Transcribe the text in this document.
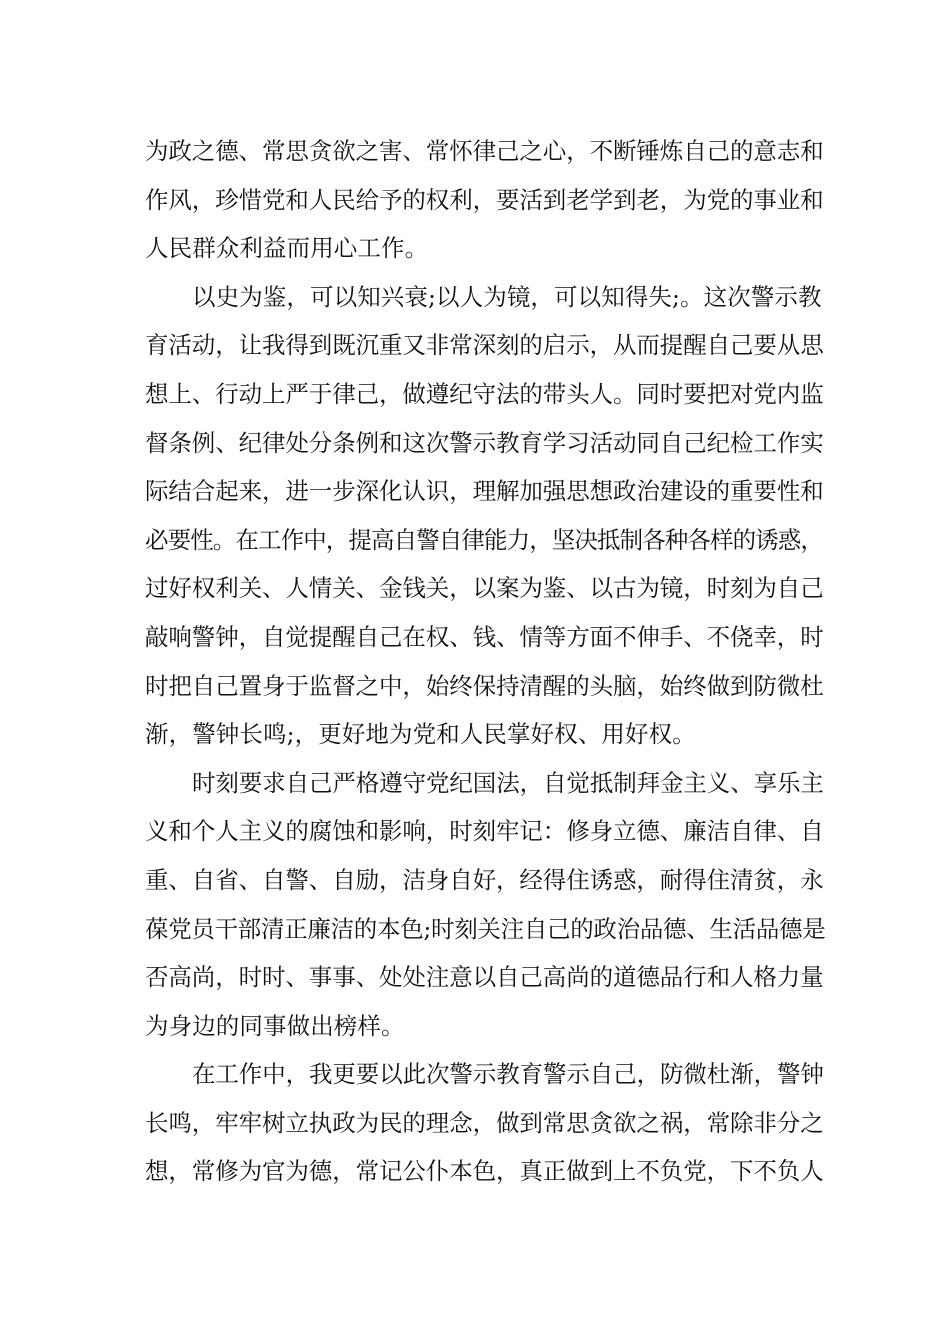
为政之德、常思贪欲之害、常怀律己之心，不断锤炼自己的意志和
作风，珍惜党和人民给予的权利，要活到老学到老，为党的事业和
人民群众利益而用心工作。
以史为鉴，可以知兴衰;以人为镜，可以知得失;。这次警示教
育活动，让我得到既沉重又非常深刻的启示，从而提醒自己要从思
想上、行动上严于律己，做遵纪守法的带头人。同时要把对党内监
督条例、纪律处分条例和这次警示教育学习活动同自己纪检工作实
际结合起来，进一步深化认识，理解加强思想政治建设的重要性和
必要性。在工作中，提高自警自律能力，坚决抵制各种各样的诱惑，
过好权利关、人情关、金钱关，以案为鉴、以古为镜，时刻为自己
敲响警钟，自觉提醒自己在权、钱、情等方面不伸手、不侥幸，时
时把自己置身于监督之中，始终保持清醒的头脑，始终做到防微杜
渐，警钟长鸣;，更好地为党和人民掌好权、用好权。
时刻要求自己严格遵守党纪国法，自觉抵制拜金主义、享乐主
义和个人主义的腐蚀和影响，时刻牢记：修身立德、廉洁自律、自
重、自省、自警、自励，洁身自好，经得住诱惑，耐得住清贫，永
葆党员干部清正廉洁的本色;时刻关注自己的政治品德、生活品德是
否高尚，时时、事事、处处注意以自己高尚的道德品行和人格力量
为身边的同事做出榜样。
在工作中，我更要以此次警示教育警示自己，防微杜渐，警钟
长鸣，牢牢树立执政为民的理念，做到常思贪欲之祸，常除非分之
想，常修为官为德，常记公仆本色，真正做到上不负党，下不负人
